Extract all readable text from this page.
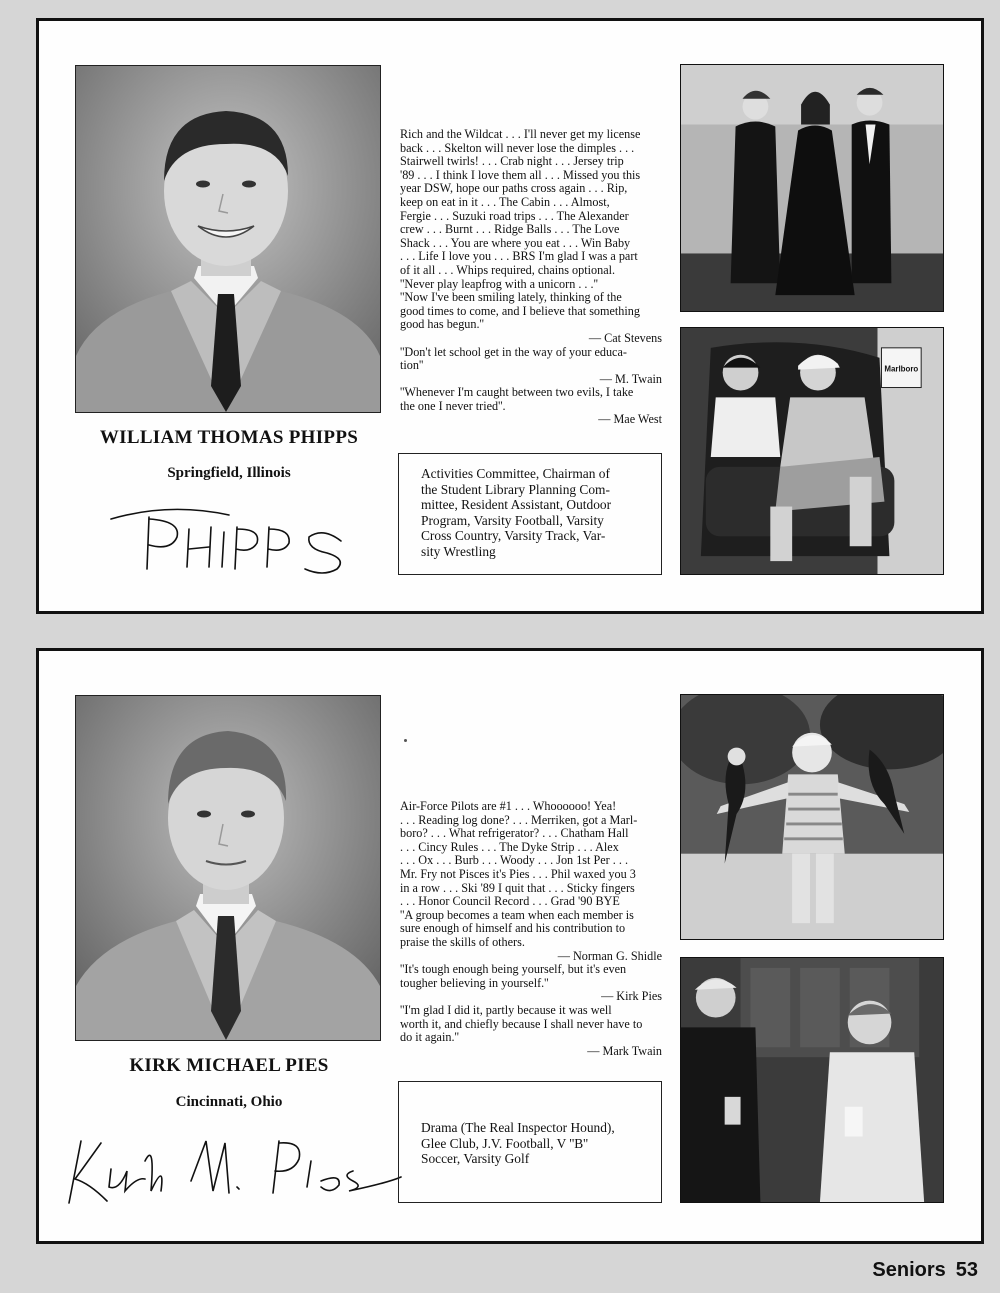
WILLIAM THOMAS PHIPPS
Springfield, Illinois
Rich and the Wildcat . . . I'll never get my license
back . . . Skelton will never lose the dimples . . .
Stairwell twirls! . . . Crab night . . . Jersey trip
'89 . . . I think I love them all . . . Missed you this
year DSW, hope our paths cross again . . . Rip,
keep on eat in it . . . The Cabin . . . Almost,
Fergie . . . Suzuki road trips . . . The Alexander
crew . . . Burnt . . . Ridge Balls . . . The Love
Shack . . . You are where you eat . . . Win Baby
. . . Life I love you . . . BRS I'm glad I was a part
of it all . . . Whips required, chains optional.
''Never play leapfrog with a unicorn . . .''
''Now I've been smiling lately, thinking of the
good times to come, and I believe that something
good has begun.''
— Cat Stevens
''Don't let school get in the way of your educa-
tion''
— M. Twain
''Whenever I'm caught between two evils, I take
the one I never tried''.
— Mae West
Activities Committee, Chairman of
the Student Library Planning Com-
mittee, Resident Assistant, Outdoor
Program, Varsity Football, Varsity
Cross Country, Varsity Track, Var-
sity Wrestling
Marlboro
KIRK MICHAEL PIES
Cincinnati, Ohio
Air-Force Pilots are #1 . . . Whoooooo! Yea!
. . . Reading log done? . . . Merriken, got a Marl-
boro? . . . What refrigerator? . . . Chatham Hall
. . . Cincy Rules . . . The Dyke Strip . . . Alex
. . . Ox . . . Burb . . . Woody . . . Jon 1st Per . . .
Mr. Fry not Pisces it's Pies . . . Phil waxed you 3
in a row . . . Ski '89 I quit that . . . Sticky fingers
. . . Honor Council Record . . . Grad '90 BYE
''A group becomes a team when each member is
sure enough of himself and his contribution to
praise the skills of others.
— Norman G. Shidle
''It's tough enough being yourself, but it's even
tougher believing in yourself.''
— Kirk Pies
''I'm glad I did it, partly because it was well
worth it, and chiefly because I shall never have to
do it again.''
— Mark Twain
Drama (The Real Inspector Hound),
Glee Club, J.V. Football, V ''B''
Soccer, Varsity Golf
Seniors 53
